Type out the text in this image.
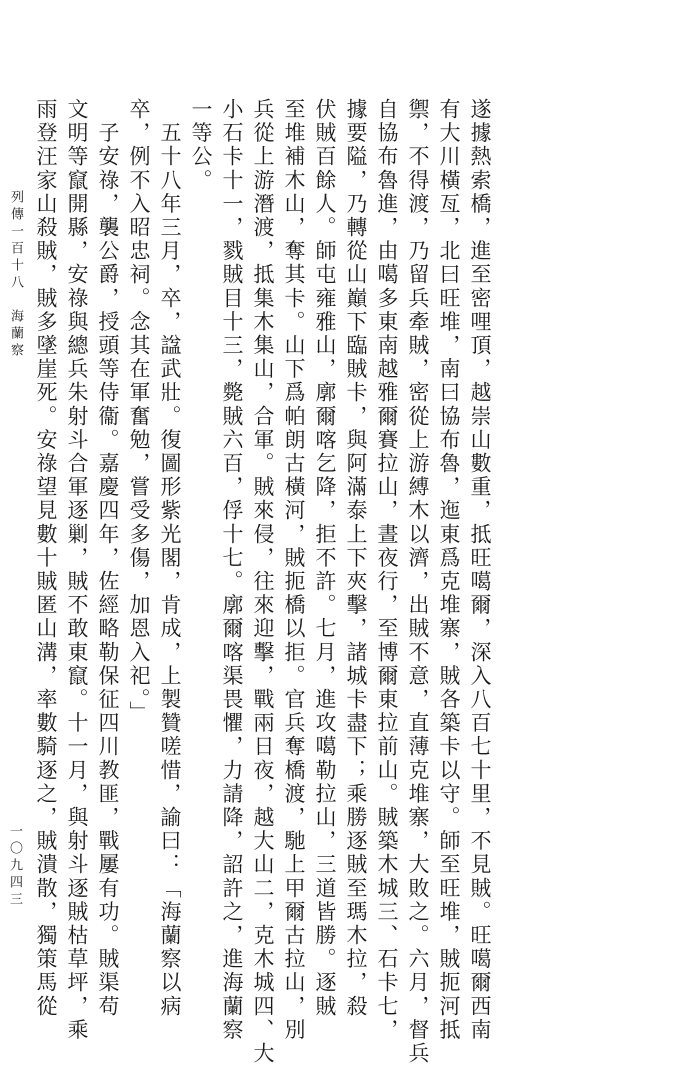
遂據熱索橋，進至密哩頂，越崇山數重，抵旺噶爾，深入八百七十里，不見賊。旺噶爾西南
有大川橫亙，北曰旺堆，南曰協布魯，迤東爲克堆寨，賊各築卡以守。師至旺堆，賊扼河抵
禦，不得渡，乃留兵牽賊，密從上游縛木以濟，出賊不意，直薄克堆寨，大敗之。六月，督兵
自協布魯進，由噶多東南越雅爾賽拉山，晝夜行，至博爾東拉前山。賊築木城三、石卡七，
據要隘，乃轉從山巔下臨賊卡，與阿滿泰上下夾擊，諸城卡盡下；乘勝逐賊至瑪木拉，殺
伏賊百餘人。師屯雍雅山，廓爾喀乞降，拒不許。七月，進攻噶勒拉山，三道皆勝。逐賊
至堆補木山，奪其卡。山下爲帕朗古橫河，賊扼橋以拒。官兵奪橋渡，馳上甲爾古拉山，別
兵從上游潛渡，抵集木集山，合軍。賊來侵，往來迎擊，戰兩日夜，越大山二，克木城四、大
小石卡十一，戮賊目十三，斃賊六百，俘十七。廓爾喀渠畏懼，力請降，詔許之，進海蘭察
一等公。
　五十八年三月，卒，諡武壯。復圖形紫光閣，肯成，上製贊嗟惜，諭曰：「海蘭察以病
卒，例不入昭忠祠。念其在軍奮勉，嘗受多傷，加恩入祀。」
　子安祿，襲公爵，授頭等侍衞。嘉慶四年，佐經略勒保征四川教匪，戰屢有功。賊渠苟
文明等竄開縣，安祿與總兵朱射斗合軍逐剿，賊不敢東竄。十一月，與射斗逐賊枯草坪，乘
雨登汪家山殺賊，賊多墜崖死。安祿望見數十賊匿山溝，率數騎逐之，賊潰散，獨策馬從
列傳一百十八　海蘭察
一〇九四三
